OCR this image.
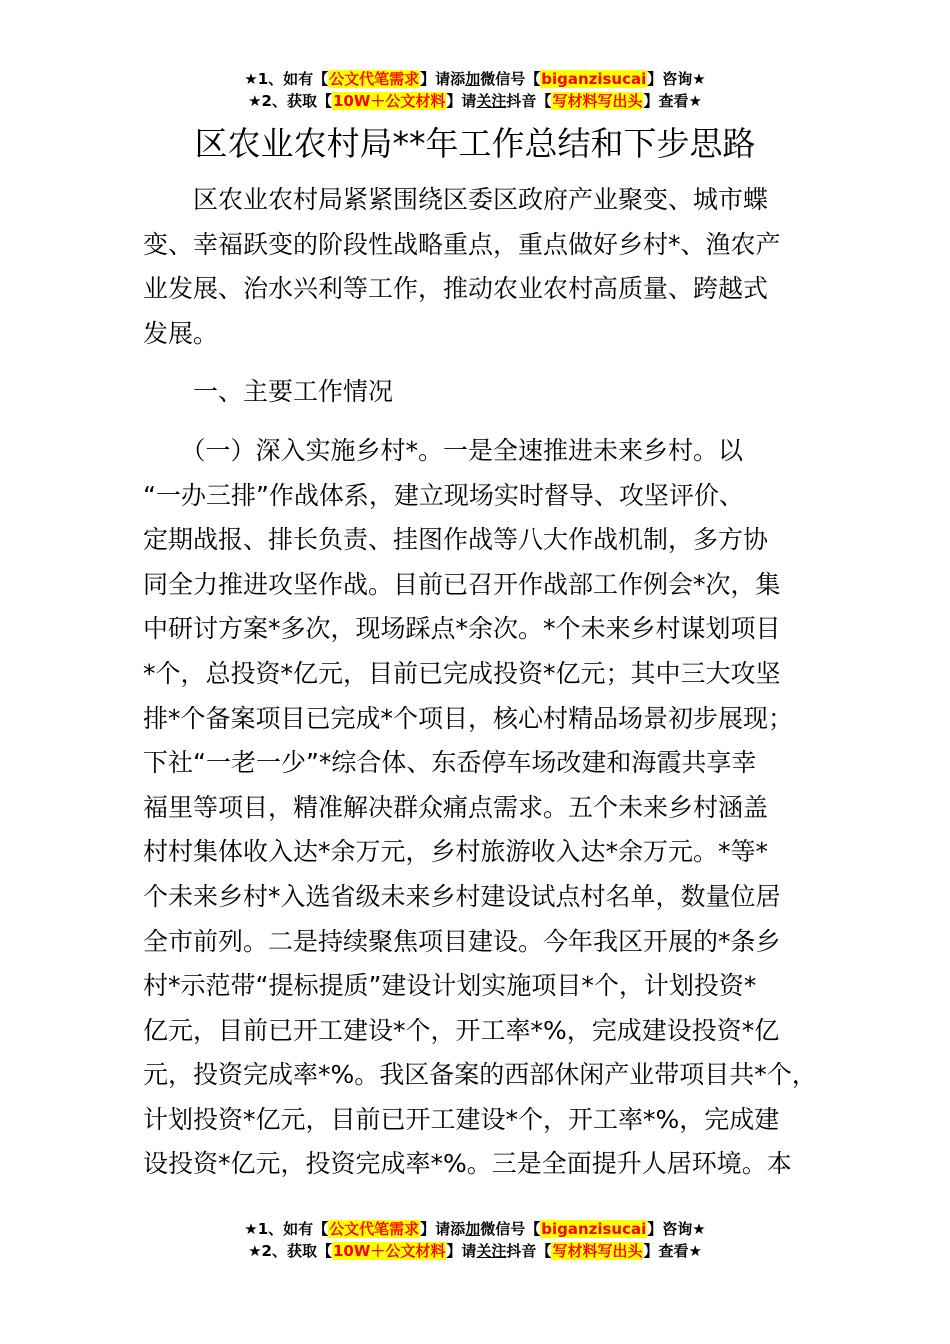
★1、如有【公文代笔需求】请添加微信号【biganzisucai】咨询★
★2、获取【10W＋公文材料】请关注抖音【写材料写出头】查看★
区农业农村局**年工作总结和下步思路

　　区农业农村局紧紧围绕区委区政府产业聚变、城市蝶

变、幸福跃变的阶段性战略重点，重点做好乡村*、渔农产

业发展、治水兴利等工作，推动农业农村高质量、跨越式

发展。

　　一、主要工作情况

　　（一）深入实施乡村*。一是全速推进未来乡村。以

“一办三排”作战体系，建立现场实时督导、攻坚评价、

定期战报、排长负责、挂图作战等八大作战机制，多方协

同全力推进攻坚作战。目前已召开作战部工作例会*次，集

中研讨方案*多次，现场踩点*余次。*个未来乡村谋划项目

*个，总投资*亿元，目前已完成投资*亿元；其中三大攻坚

排*个备案项目已完成*个项目，核心村精品场景初步展现；

下社“一老一少”*综合体、东岙停车场改建和海霞共享幸

福里等项目，精准解决群众痛点需求。五个未来乡村涵盖

村村集体收入达*余万元，乡村旅游收入达*余万元。*等*

个未来乡村*入选省级未来乡村建设试点村名单，数量位居

全市前列。二是持续聚焦项目建设。今年我区开展的*条乡

村*示范带“提标提质”建设计划实施项目*个，计划投资*

亿元，目前已开工建设*个，开工率*%，完成建设投资*亿

元，投资完成率*%。我区备案的西部休闲产业带项目共*个，

计划投资*亿元，目前已开工建设*个，开工率*%，完成建

设投资*亿元，投资完成率*%。三是全面提升人居环境。本

★1、如有【公文代笔需求】请添加微信号【biganzisucai】咨询★
★2、获取【10W＋公文材料】请关注抖音【写材料写出头】查看★
